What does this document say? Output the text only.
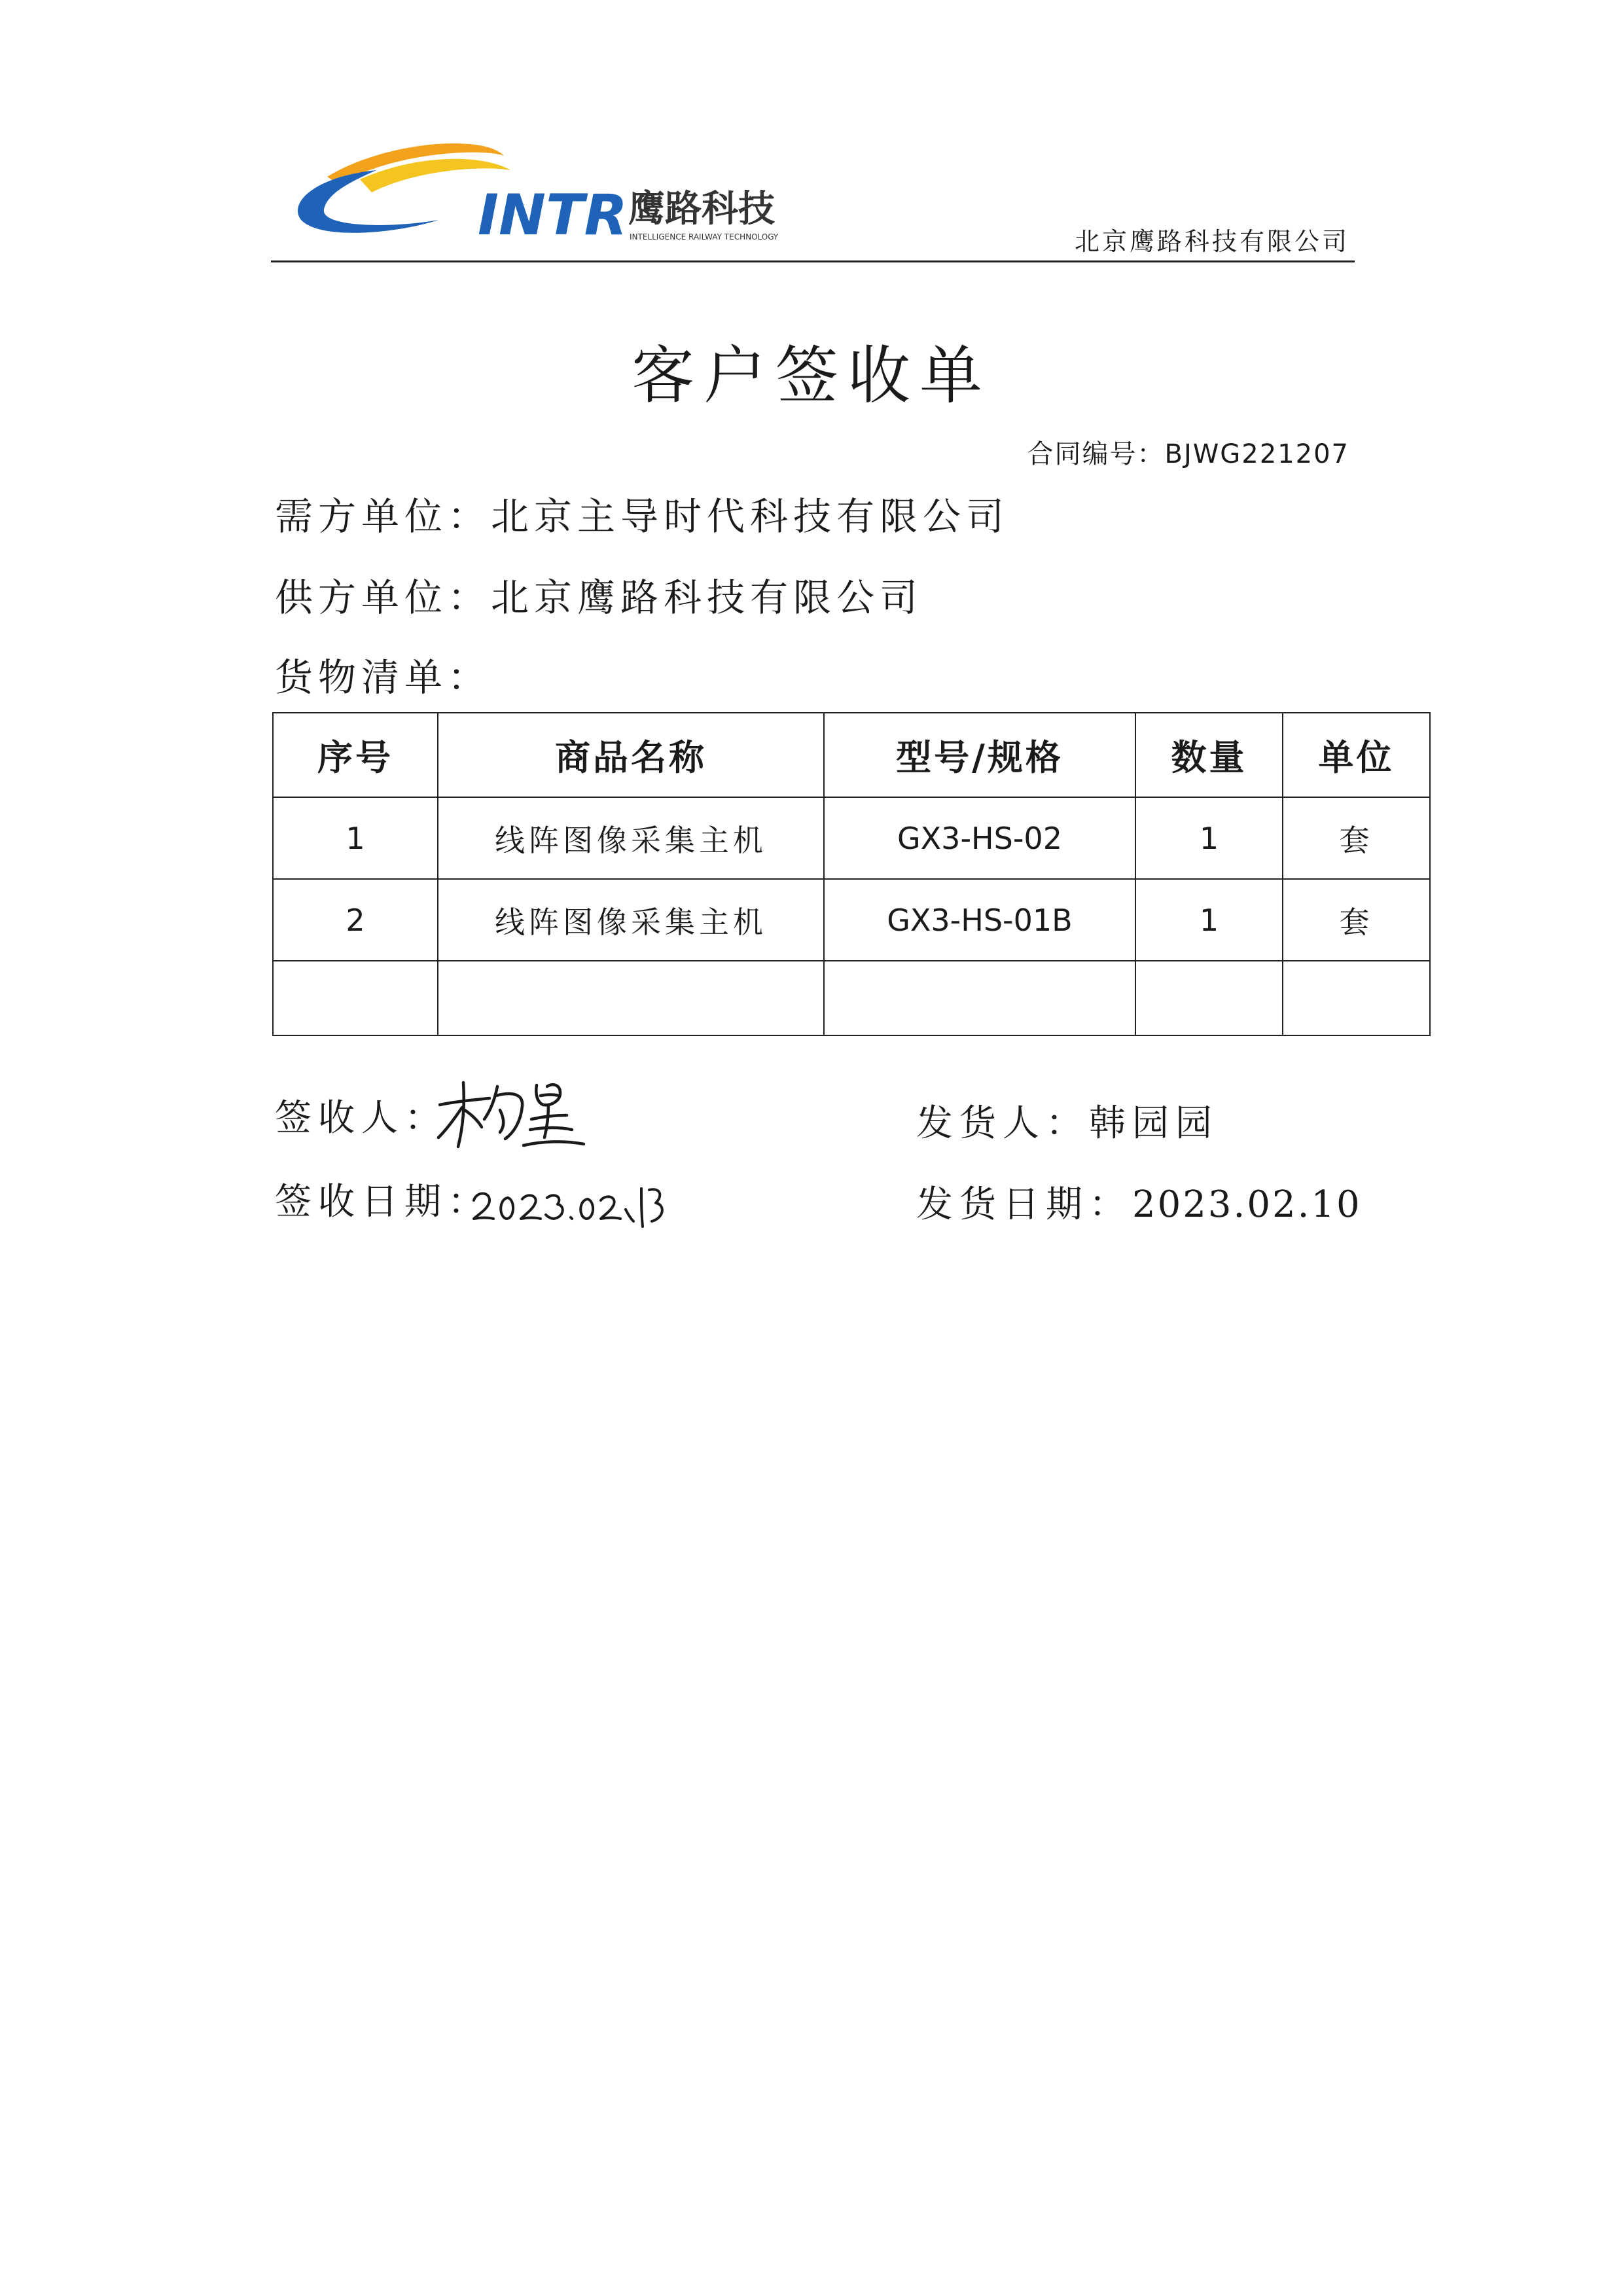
INTR 鹰路科技
INTELLIGENCE RAILWAY TECHNOLOGY	北京鹰路科技有限公司
客户签收单
合同编号：BJWG221207
需方单位：北京主导时代科技有限公司
供方单位：北京鹰路科技有限公司
货物清单：
序号	商品名称	型号/规格	数量	单位
1	线阵图像采集主机	GX3-HS-02	1	套
2	线阵图像采集主机	GX3-HS-01B	1	套

签收人：
签收日期：
发货人：韩园园
发货日期：2023.02.10
